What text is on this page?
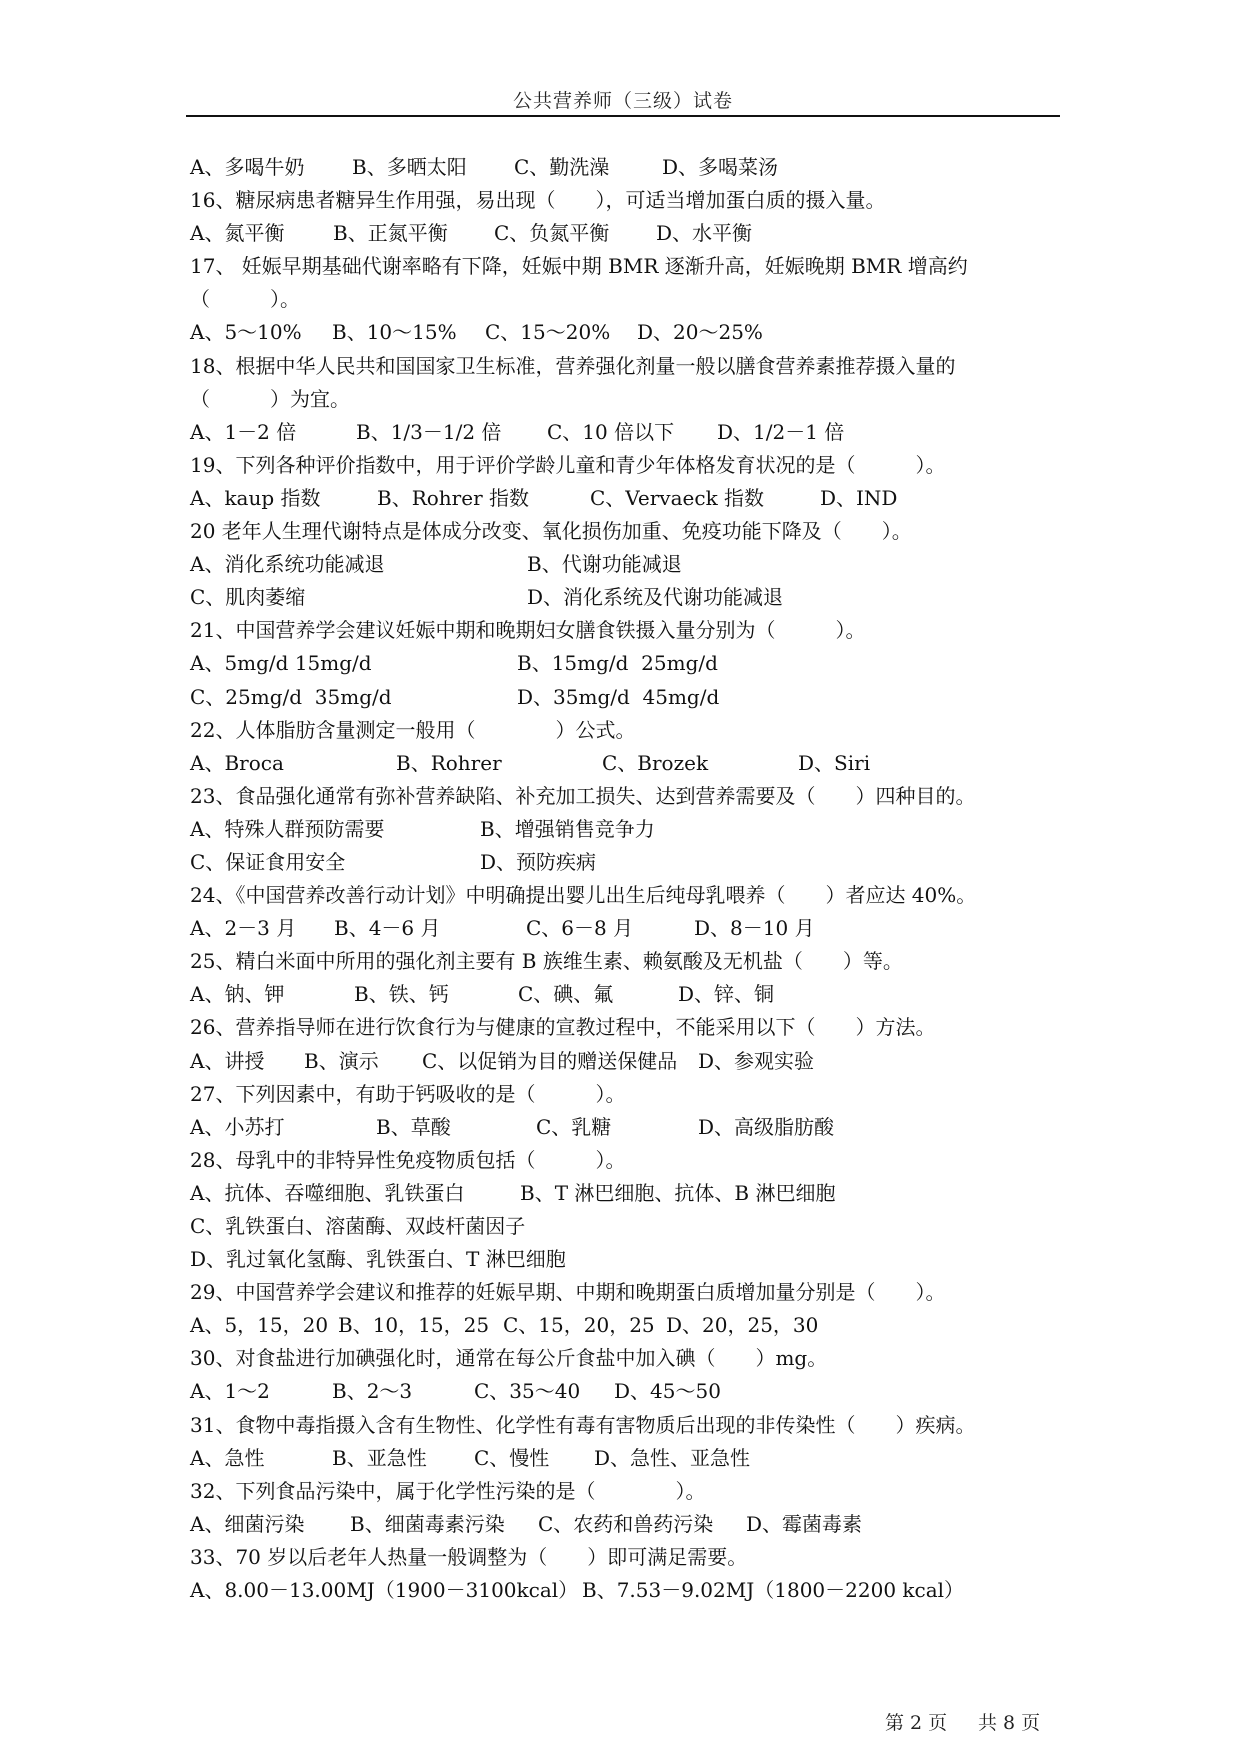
公共营养师（三级）试卷
A、多喝牛奶 B、多晒太阳 C、勤洗澡	D、多喝菜汤
16、糖尿病患者糖异生作用强，易出现（　　），可适当增加蛋白质的摄入量。
A、氮平衡 B、正氮平衡 C、负氮平衡 D、水平衡
17、 妊娠早期基础代谢率略有下降，妊娠中期 BMR 逐渐升高，妊娠晚期 BMR 增高约
（　　　）。
A、5～10% B、10～15% C、15～20% D、20～25%
18、根据中华人民共和国国家卫生标准，营养强化剂量一般以膳食营养素推荐摄入量的
（　　　）为宜。
A、1－2 倍	B、1/3－1/2 倍 C、10 倍以下 D、1/2－1 倍
19、下列各种评价指数中，用于评价学龄儿童和青少年体格发育状况的是（　　　）。
A、kaup 指数	B、Rohrer 指数	C、Vervaeck 指数	D、IND
20 老年人生理代谢特点是体成分改变、氧化损伤加重、免疫功能下降及（　　）。
A、消化系统功能减退	B、代谢功能减退
C、肌肉萎缩	D、消化系统及代谢功能减退
21、中国营养学会建议妊娠中期和晚期妇女膳食铁摄入量分别为（　　　）。
A、5mg/d 15mg/d	B、15mg/d  25mg/d
C、25mg/d  35mg/d	D、35mg/d  45mg/d
22、人体脂肪含量测定一般用（　　　　）公式。
A、Broca	B、Rohrer	C、Brozek	D、Siri
23、食品强化通常有弥补营养缺陷、补充加工损失、达到营养需要及（　　）四种目的。
A、特殊人群预防需要	B、增强销售竞争力
C、保证食用安全	D、预防疾病
24、《中国营养改善行动计划》中明确提出婴儿出生后纯母乳喂养（　　）者应达 40%。
A、2－3 月 B、4－6 月	C、6－8 月	D、8－10 月
25、精白米面中所用的强化剂主要有 B 族维生素、赖氨酸及无机盐（　　）等。
A、钠、钾	B、铁、钙	C、碘、氟	D、锌、铜
26、营养指导师在进行饮食行为与健康的宣教过程中，不能采用以下（　　）方法。
A、讲授 B、演示 C、以促销为目的赠送保健品 D、参观实验
27、下列因素中，有助于钙吸收的是（　　　）。
A、小苏打	B、草酸	C、乳糖	D、高级脂肪酸
28、母乳中的非特异性免疫物质包括（　　　）。
A、抗体、吞噬细胞、乳铁蛋白	B、T 淋巴细胞、抗体、B 淋巴细胞
C、乳铁蛋白、溶菌酶、双歧杆菌因子
D、乳过氧化氢酶、乳铁蛋白、T 淋巴细胞
29、中国营养学会建议和推荐的妊娠早期、中期和晚期蛋白质增加量分别是（　　）。
A、5，15，20 B、10，15，25 C、15，20，25 D、20，25，30
30、对食盐进行加碘强化时，通常在每公斤食盐中加入碘（　　）mg。
A、1～2	B、2～3	C、35～40 D、45～50
31、食物中毒指摄入含有生物性、化学性有毒有害物质后出现的非传染性（　　）疾病。
A、急性	B、亚急性 C、慢性 D、急性、亚急性
32、下列食品污染中，属于化学性污染的是（　　　　）。
A、细菌污染 B、细菌毒素污染 C、农药和兽药污染 D、霉菌毒素
33、70 岁以后老年人热量一般调整为（　　）即可满足需要。
A、8.00－13.00MJ（1900－3100kcal） B、7.53－9.02MJ（1800－2200 kcal）
第 2 页 共 8 页
